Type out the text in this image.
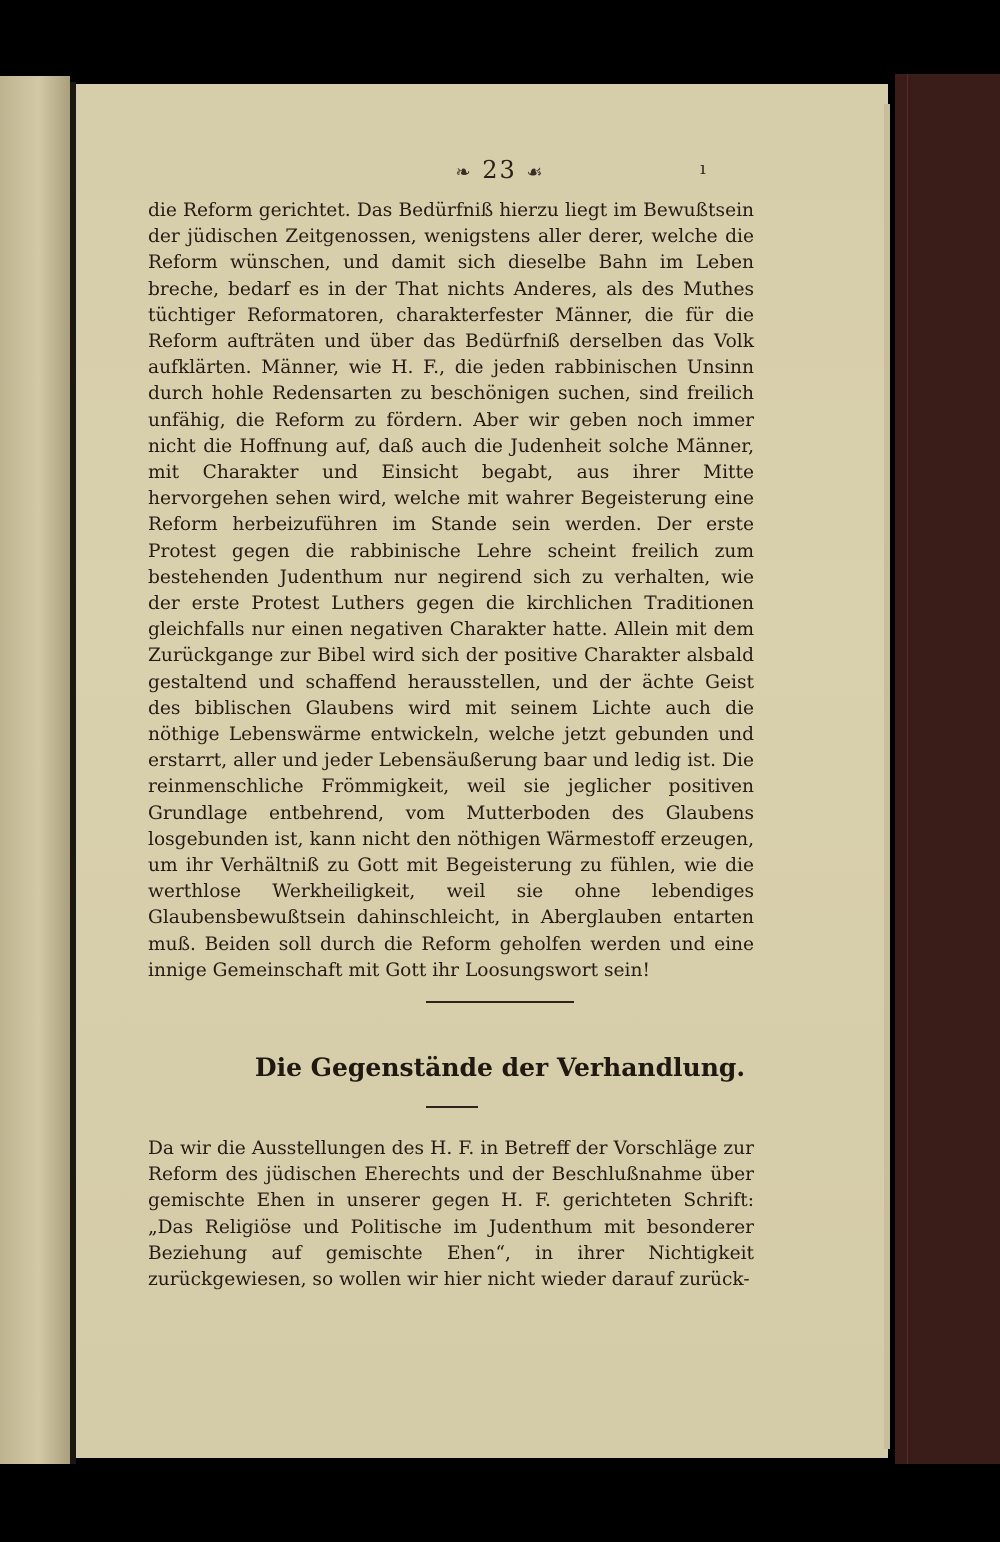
❧ 23 ☙	ı
die Reform gerichtet. Das Bedürfniß hierzu liegt im Bewußtsein der jüdischen Zeitgenossen, wenigstens aller derer, welche die Reform wünschen, und damit sich dieselbe Bahn im Leben breche, bedarf es in der That nichts Anderes, als des Muthes tüchtiger Reformatoren, charakterfester Männer, die für die Reform aufträten und über das Bedürfniß derselben das Volk aufklärten. Männer, wie H. F., die jeden rabbinischen Unsinn durch hohle Redensarten zu beschönigen suchen, sind freilich unfähig, die Reform zu fördern. Aber wir geben noch immer nicht die Hoffnung auf, daß auch die Judenheit solche Männer, mit Charakter und Einsicht begabt, aus ihrer Mitte hervorgehen sehen wird, welche mit wahrer Begeisterung eine Reform herbeizuführen im Stande sein werden. Der erste Protest gegen die rabbinische Lehre scheint freilich zum bestehenden Judenthum nur negirend sich zu verhalten, wie der erste Protest Luthers gegen die kirchlichen Traditionen gleichfalls nur einen negativen Charakter hatte. Allein mit dem Zurückgange zur Bibel wird sich der positive Charakter alsbald gestaltend und schaffend herausstellen, und der ächte Geist des biblischen Glaubens wird mit seinem Lichte auch die nöthige Lebenswärme entwickeln, welche jetzt gebunden und erstarrt, aller und jeder Lebensäußerung baar und ledig ist. Die reinmenschliche Frömmigkeit, weil sie jeglicher positiven Grundlage entbehrend, vom Mutterboden des Glaubens losgebunden ist, kann nicht den nöthigen Wärmestoff erzeugen, um ihr Verhältniß zu Gott mit Begeisterung zu fühlen, wie die werthlose Werkheiligkeit, weil sie ohne lebendiges Glaubensbewußtsein dahinschleicht, in Aberglauben entarten muß. Beiden soll durch die Reform geholfen werden und eine innige Gemeinschaft mit Gott ihr Loosungswort sein!
Die Gegenstände der Verhandlung.
Da wir die Ausstellungen des H. F. in Betreff der Vorschläge zur Reform des jüdischen Eherechts und der Beschlußnahme über gemischte Ehen in unserer gegen H. F. gerichteten Schrift: „Das Religiöse und Politische im Judenthum mit besonderer Beziehung auf gemischte Ehen“, in ihrer Nichtigkeit zurückgewiesen, so wollen wir hier nicht wieder darauf zurück-
